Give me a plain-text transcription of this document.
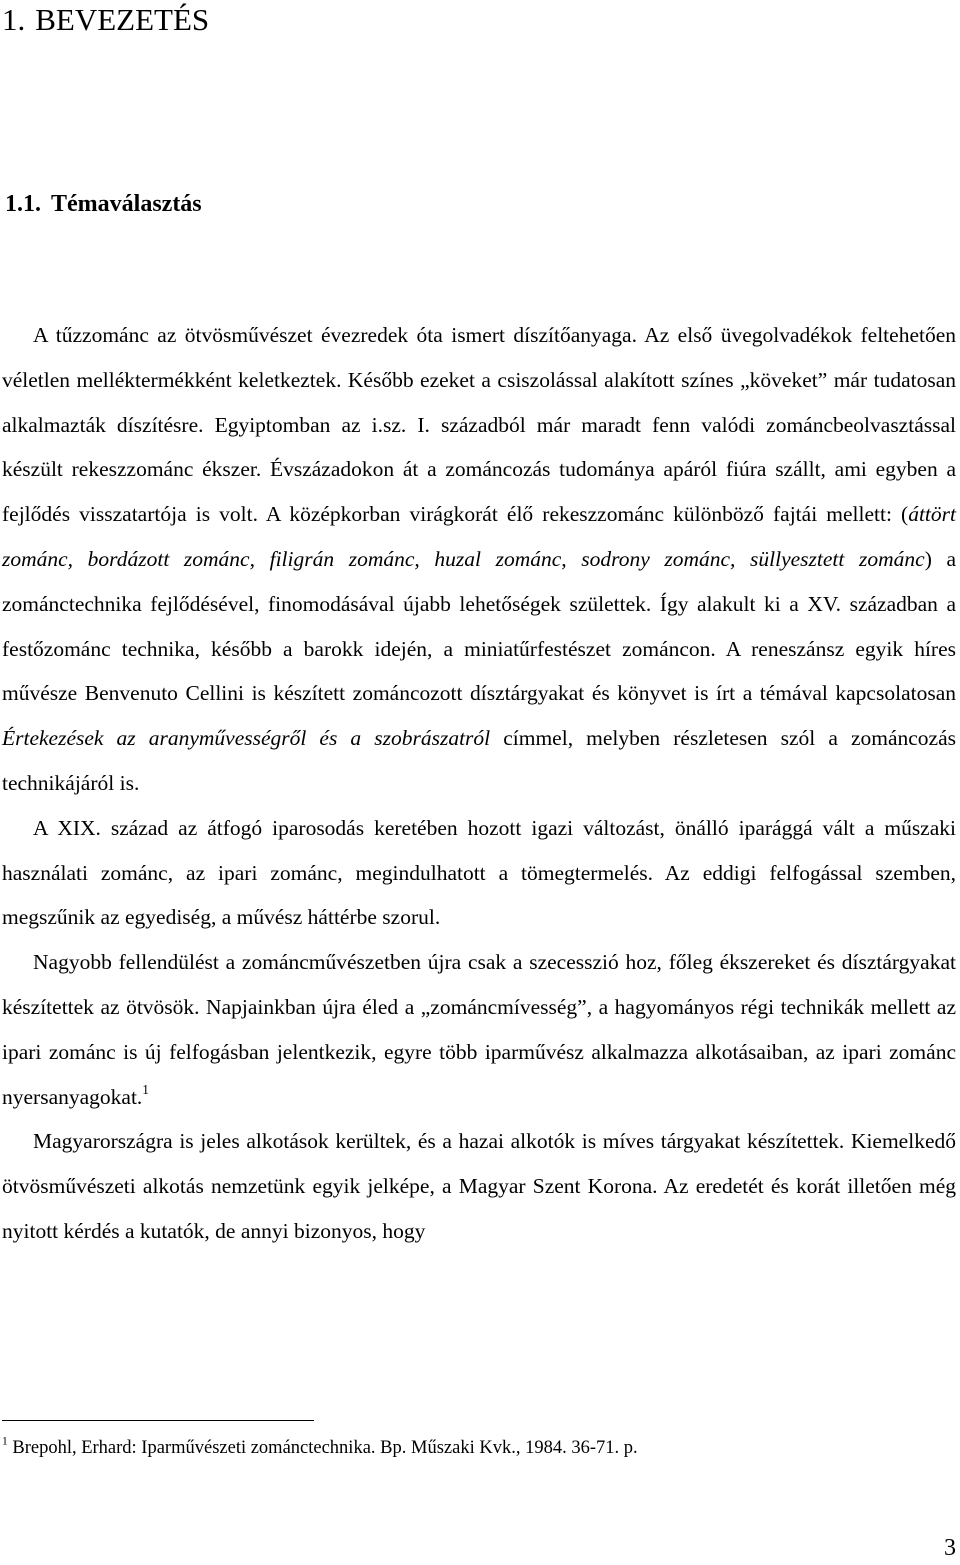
1. BEVEZETÉS
1.1. Témaválasztás

A tűzzománc az ötvösművészet évezredek óta ismert díszítőanyaga. Az első üvegolvadékok feltehetően véletlen melléktermékként keletkeztek. Később ezeket a csiszolással alakított színes „köveket” már tudatosan alkalmazták díszítésre. Egyiptomban az i.sz. I. századból már maradt fenn valódi zománcbeolvasztással készült rekeszzománc ékszer. Évszázadokon át a zománcozás tudománya apáról fiúra szállt, ami egyben a fejlődés visszatartója is volt. A középkorban virágkorát élő rekeszzománc különböző fajtái mellett: (áttört zománc, bordázott zománc, filigrán zománc, huzal zománc, sodrony zománc, süllyesztett zománc) a zománctechnika fejlődésével, finomodásával újabb lehetőségek születtek. Így alakult ki a XV. században a festőzománc technika, később a barokk idején, a miniatűrfestészet zománcon. A reneszánsz egyik híres művésze Benvenuto Cellini is készített zománcozott dísztárgyakat és könyvet is írt a témával kapcsolatosan Értekezések az aranyművességről és a szobrászatról címmel, melyben részletesen szól a zománcozás technikájáról is.

A XIX. század az átfogó iparosodás keretében hozott igazi változást, önálló iparággá vált a műszaki használati zománc, az ipari zománc, megindulhatott a tömegtermelés. Az eddigi felfogással szemben, megszűnik az egyediség, a művész háttérbe szorul.

Nagyobb fellendülést a zománcművészetben újra csak a szecesszió hoz, főleg ékszereket és dísztárgyakat készítettek az ötvösök. Napjainkban újra éled a „zománcmívesség”, a hagyományos régi technikák mellett az ipari zománc is új felfogásban jelentkezik, egyre több iparművész alkalmazza alkotásaiban, az ipari zománc nyersanyagokat.$^1$

Magyarországra is jeles alkotások kerültek, és a hazai alkotók is míves tárgyakat készítettek. Kiemelkedő ötvösművészeti alkotás nemzetünk egyik jelképe, a Magyar Szent Korona. Az eredetét és korát illetően még nyitott kérdés a kutatók, de annyi bizonyos, hogy

$^1$ Brepohl, Erhard: Iparművészeti zománctechnika. Bp. Műszaki Kvk., 1984. 36-71. p.
3
